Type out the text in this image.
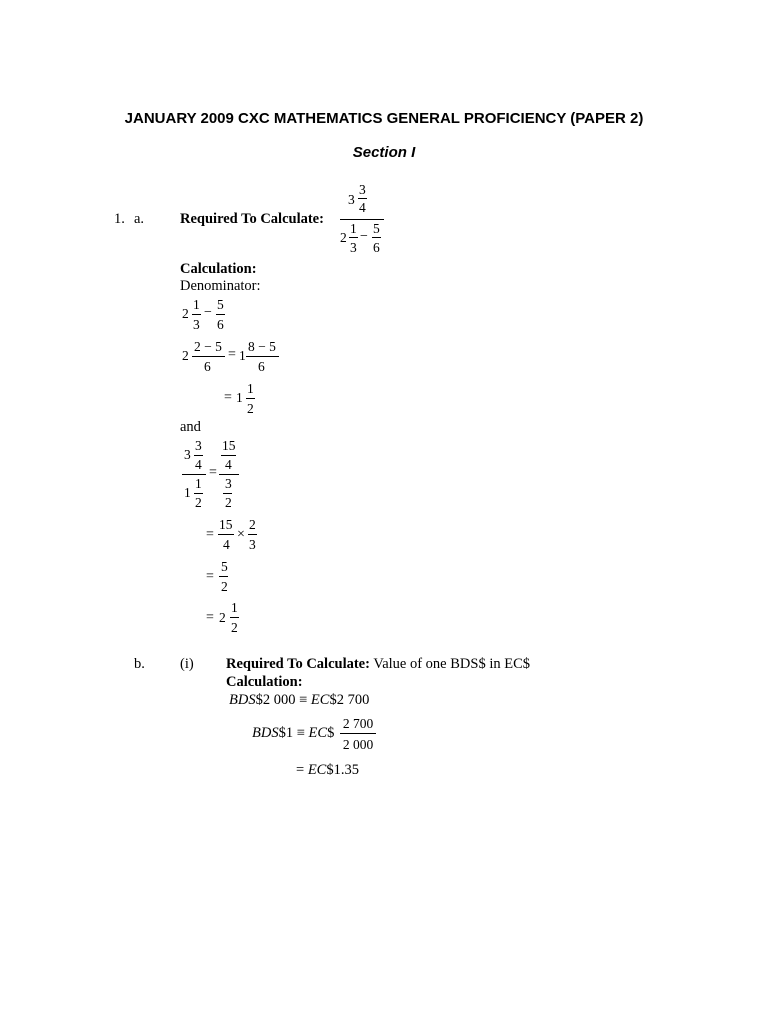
JANUARY 2009 CXC MATHEMATICS GENERAL PROFICIENCY (PAPER 2)
Section I
1. a. Required To Calculate:
3
3
4
2
1
3
−
5
6
Calculation:
Denominator:
2
1
3
−
5
6
2
2 − 5
6
= 1
8 − 5
6
= 1
1
2
and
3
3
4
1
1
2
=
15
4
3
2
=
15
4
×
2
3
=
5
2
= 2
1
2
b. (i) Required To Calculate: Value of one BDS$ in EC$
Calculation:
BDS$2 000 ≡ EC$2 700
BDS$1 ≡ EC$
2 700
2 000
= EC$1.35
